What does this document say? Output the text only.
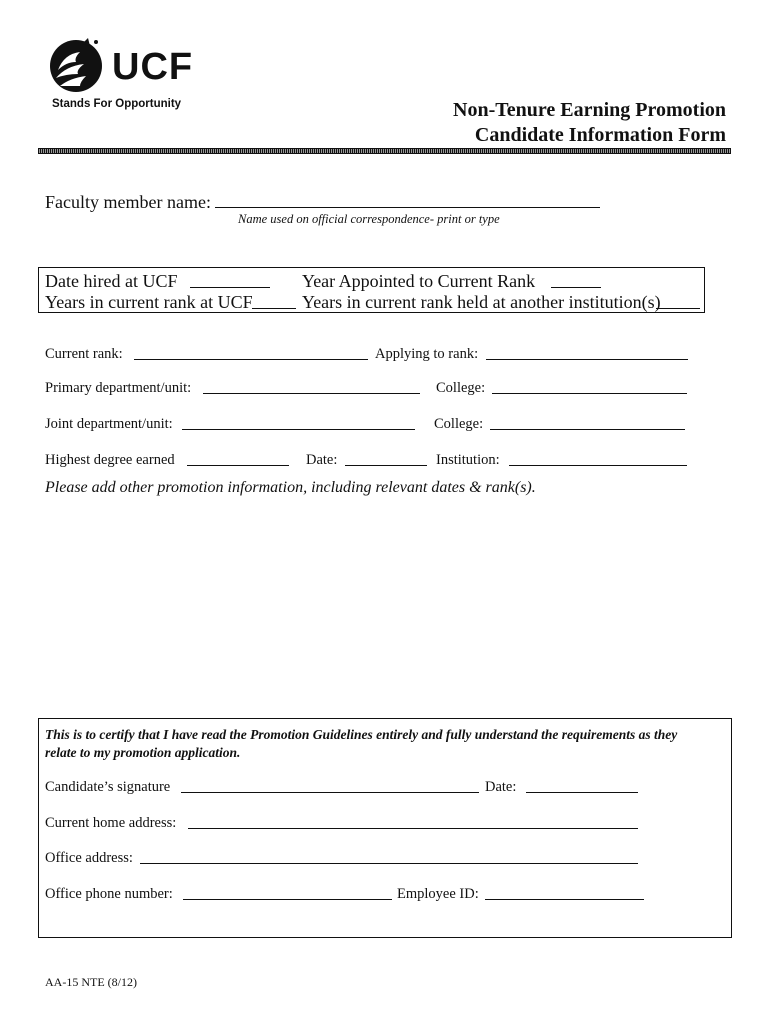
UCF
Stands For Opportunity	Non-Tenure Earning Promotion
Candidate Information Form
Faculty member name:
Name used on official correspondence- print or type
Date hired at UCF	Year Appointed to Current Rank
Years in current rank at UCF	Years in current rank held at another institution(s)
Current rank:	Applying to rank:
Primary department/unit:	College:
Joint department/unit:	College:
Highest degree earned	Date:	Institution:
Please add other promotion information, including relevant dates & rank(s).
This is to certify that I have read the Promotion Guidelines entirely and fully understand the requirements as they relate to my promotion application.
Candidate’s signature	Date:
Current home address:
Office address:
Office phone number:	Employee ID:
AA-15 NTE (8/12)
